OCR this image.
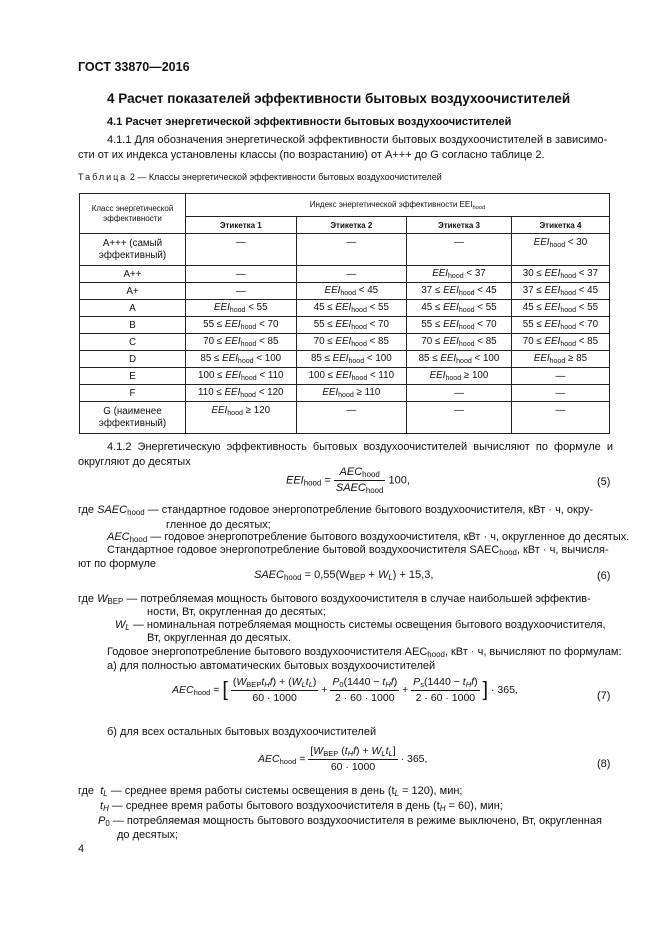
ГОСТ 33870—2016
4 Расчет показателей эффективности бытовых воздухоочистителей
4.1 Расчет энергетической эффективности бытовых воздухоочистителей
4.1.1 Для обозначения энергетической эффективности бытовых воздухоочистителей в зависимо-
сти от их индекса установлены классы (по возрастанию) от A+++ до G согласно таблице 2.
Таблица 2 — Классы энергетической эффективности бытовых воздухоочистителей
Класс энергетической
эффективности	Индекс энергетической эффективности $EEI_{hood}$
	Этикетка 1	Этикетка 2	Этикетка 3	Этикетка 4
A+++ (самый
эффективный)	—	—	—	$EEI_{hood} < 30$
A++	—	—	$EEI_{hood} < 37$	$30 \le EEI_{hood} < 37$
A+	—	$EEI_{hood} < 45$	$37 \le EEI_{hood} < 45$	$37 \le EEI_{hood} < 45$
A	$EEI_{hood} < 55$	$45 \le EEI_{hood} < 55$	$45 \le EEI_{hood} < 55$	$45 \le EEI_{hood} < 55$
B	$55 \le EEI_{hood} < 70$	$55 \le EEI_{hood} < 70$	$55 \le EEI_{hood} < 70$	$55 \le EEI_{hood} < 70$
C	$70 \le EEI_{hood} < 85$	$70 \le EEI_{hood} < 85$	$70 \le EEI_{hood} < 85$	$70 \le EEI_{hood} < 85$
D	$85 \le EEI_{hood} < 100$	$85 \le EEI_{hood} < 100$	$85 \le EEI_{hood} < 100$	$EEI_{hood} \ge 85$
E	$100 \le EEI_{hood} < 110$	$100 \le EEI_{hood} < 110$	$EEI_{hood} \ge 100$	—
F	$110 \le EEI_{hood} < 120$	$EEI_{hood} \ge 110$	—	—
G (наименее
эффективный)	$EEI_{hood} \ge 120$	—	—	—
4.1.2 Энергетическую эффективность бытовых воздухоочистителей вычисляют по формуле и
округляют до десятых
$EEI_{hood} = \frac{AEC_{hood}}{SAEC_{hood}} 100$,	(5)
где $SAEC_{hood}$ — стандартное годовое энергопотребление бытового воздухоочистителя, кВт · ч, окру-
гленное до десятых;
$AEC_{hood}$ — годовое энергопотребление бытового воздухоочистителя, кВт · ч, округленное до десятых.
Стандартное годовое энергопотребление бытовой воздухоочистителя $SAEC_{hood}$, кВт · ч, вычисля-
ют по формуле
$SAEC_{hood} = 0,55(W_{BEP} + W_L) + 15,3$,	(6)
где $W_{BEP}$ — потребляемая мощность бытового воздухоочистителя в случае наибольшей эффектив-
ности, Вт, округленная до десятых;
$W_L$ — номинальная потребляемая мощность системы освещения бытового воздухоочистителя,
Вт, округленная до десятых.
Годовое энергопотребление бытового воздухоочистителя $AEC_{hood}$, кВт · ч, вычисляют по формулам:
а) для полностью автоматических бытовых воздухоочистителей
$AEC_{hood}$ = [ $\frac{(W_{BEP}t_Hf) + (W_Lt_L)}{60 \cdot 1000} + \frac{P_0(1440 - t_Hf)}{2 \cdot 60 \cdot 1000} + \frac{P_s(1440 - t_Hf)}{2 \cdot 60 \cdot 1000}$ ] · 365,
(7)
б) для всех остальных бытовых воздухоочистителей
$AEC_{hood} = \frac{[W_{BEP} (t_Hf) + W_Lt_L]}{60 \cdot 1000} \cdot 365$,	(8)
где $t_L$ — среднее время работы системы освещения в день $(t_L = 120)$, мин;
$t_H$ — среднее время работы бытового воздухоочистителя в день $(t_H = 60)$, мин;
$P_0$ — потребляемая мощность бытового воздухоочистителя в режиме выключено, Вт, округленная
до десятых;
4
